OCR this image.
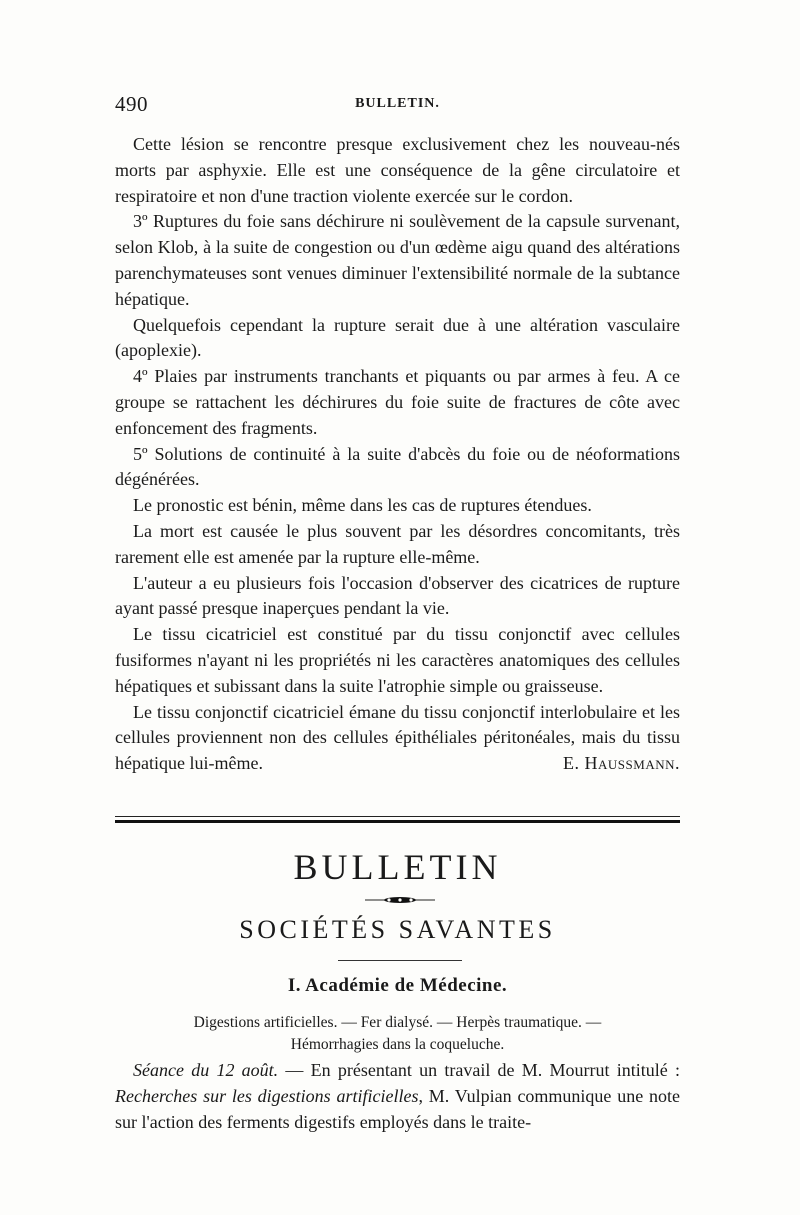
490	BULLETIN.

Cette lésion se rencontre presque exclusivement chez les nouveau-nés morts par asphyxie. Elle est une conséquence de la gêne circulatoire et respiratoire et non d'une traction violente exercée sur le cordon.

3º Ruptures du foie sans déchirure ni soulèvement de la capsule survenant, selon Klob, à la suite de congestion ou d'un œdème aigu quand des altérations parenchymateuses sont venues diminuer l'extensibilité normale de la subtance hépatique.

Quelquefois cependant la rupture serait due à une altération vasculaire (apoplexie).

4º Plaies par instruments tranchants et piquants ou par armes à feu. A ce groupe se rattachent les déchirures du foie suite de fractures de côte avec enfoncement des fragments.

5º Solutions de continuité à la suite d'abcès du foie ou de néoformations dégénérées.

Le pronostic est bénin, même dans les cas de ruptures étendues.

La mort est causée le plus souvent par les désordres concomitants, très rarement elle est amenée par la rupture elle-même.

L'auteur a eu plusieurs fois l'occasion d'observer des cicatrices de rupture ayant passé presque inaperçues pendant la vie.

Le tissu cicatriciel est constitué par du tissu conjonctif avec cellules fusiformes n'ayant ni les propriétés ni les caractères anatomiques des cellules hépatiques et subissant dans la suite l'atrophie simple ou graisseuse.

Le tissu conjonctif cicatriciel émane du tissu conjonctif interlobulaire et les cellules proviennent non des cellules épithéliales péritonéales, mais du tissu hépatique lui-même.	E. Haussmann.

BULLETIN
SOCIÉTÉS SAVANTES
I. Académie de Médecine.
Digestions artificielles. — Fer dialysé. — Herpès traumatique. —
Hémorrhagies dans la coqueluche.

Séance du 12 août. — En présentant un travail de M. Mourrut intitulé : Recherches sur les digestions artificielles, M. Vulpian communique une note sur l'action des ferments digestifs employés dans le traite-
